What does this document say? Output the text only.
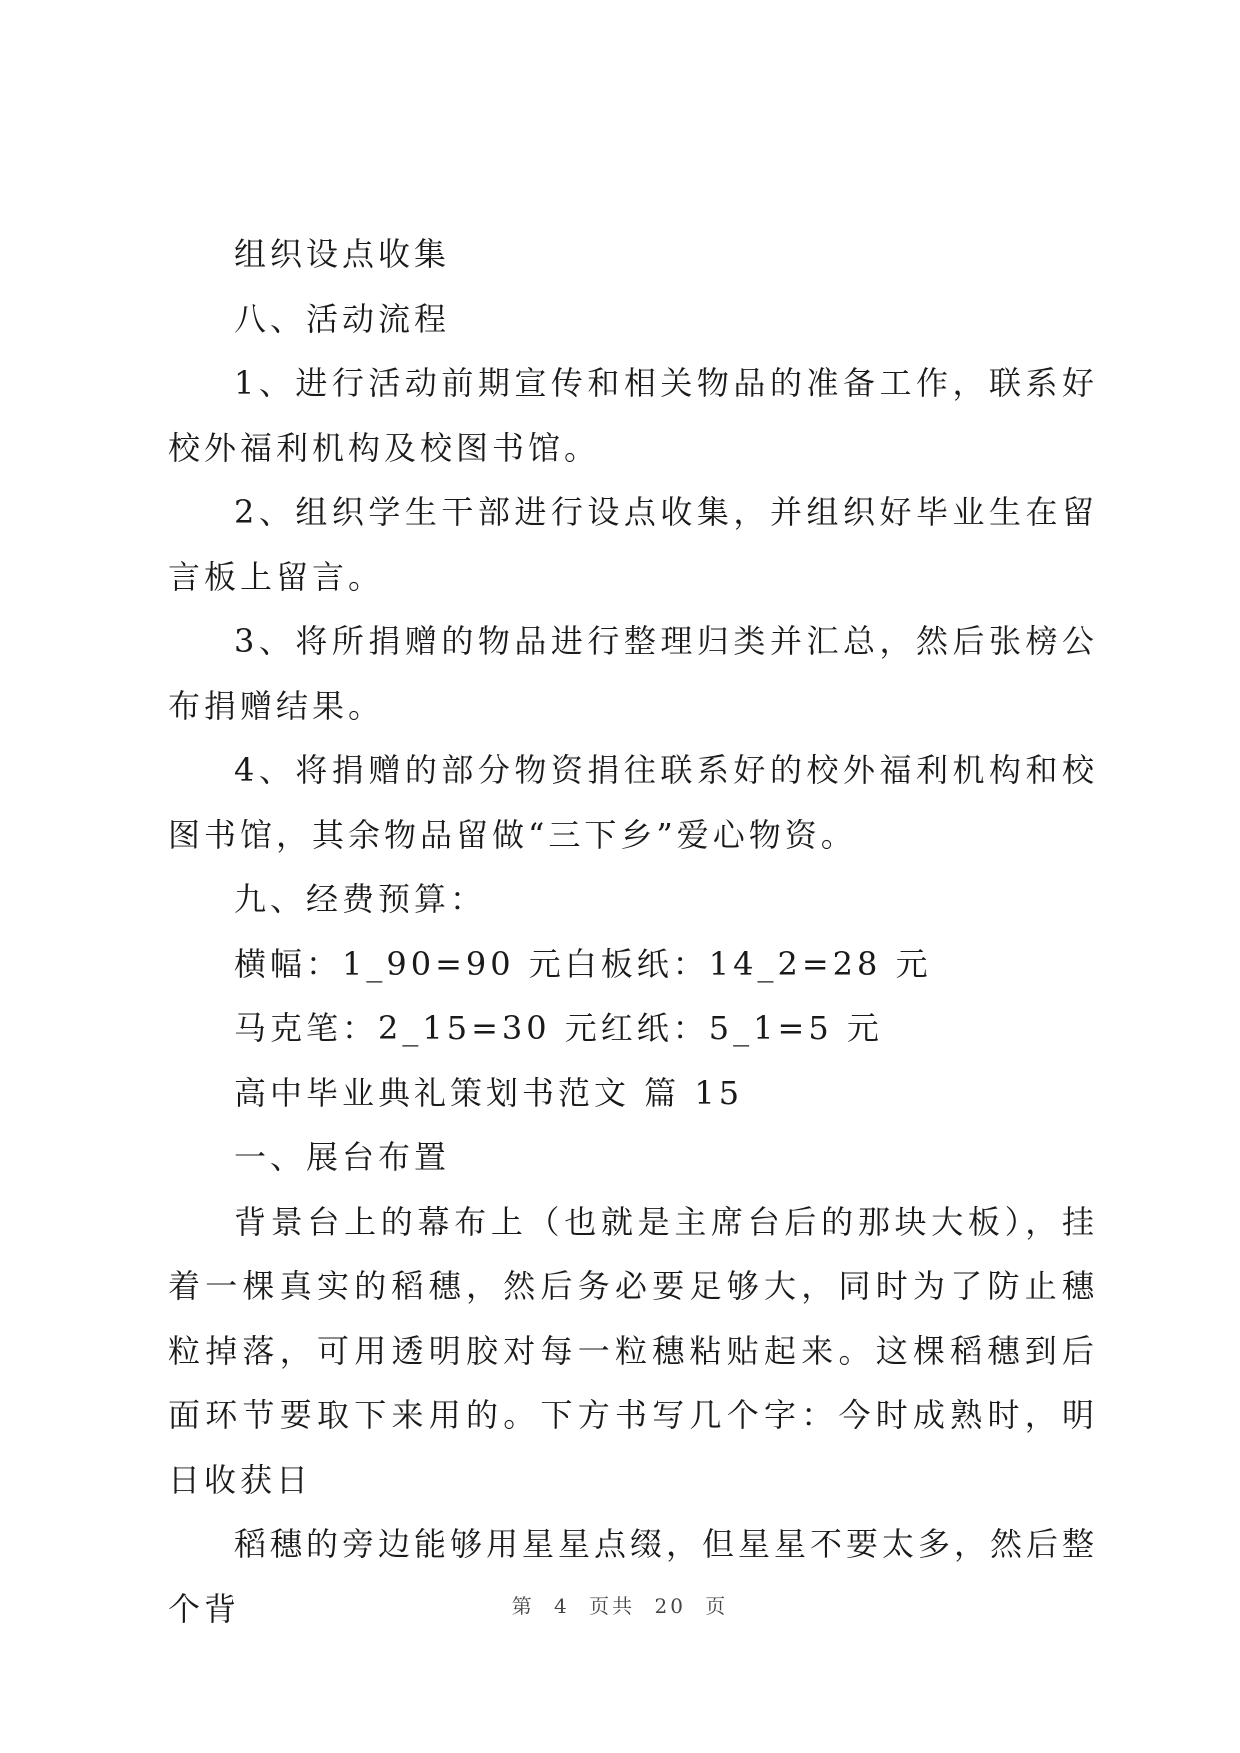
组织设点收集

八、活动流程

1、进行活动前期宣传和相关物品的准备工作，联系好校外福利机构及校图书馆。

2、组织学生干部进行设点收集，并组织好毕业生在留言板上留言。

3、将所捐赠的物品进行整理归类并汇总，然后张榜公布捐赠结果。

4、将捐赠的部分物资捐往联系好的校外福利机构和校图书馆，其余物品留做“三下乡”爱心物资。

九、经费预算：

横幅：1_90=90 元白板纸：14_2=28 元

马克笔：2_15=30 元红纸：5_1=5 元

高中毕业典礼策划书范文 篇 15

一、展台布置

背景台上的幕布上（也就是主席台后的那块大板），挂着一棵真实的稻穗，然后务必要足够大，同时为了防止穗粒掉落，可用透明胶对每一粒穗粘贴起来。这棵稻穗到后面环节要取下来用的。下方书写几个字：今时成熟时，明日收获日

稻穗的旁边能够用星星点缀，但星星不要太多，然后整个背	第 4 页共 20 页
